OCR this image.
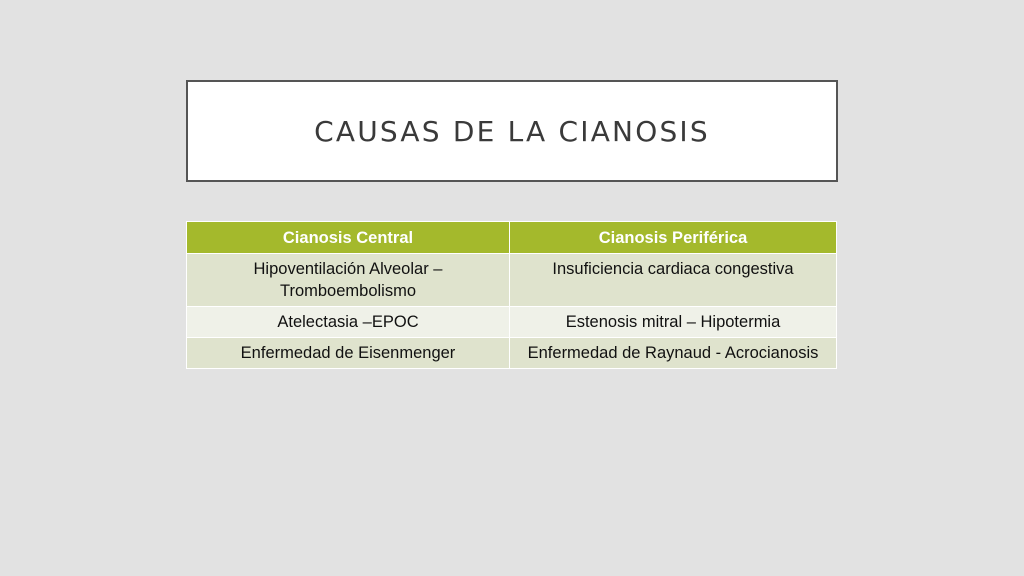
CAUSAS DE LA CIANOSIS
Cianosis Central	Cianosis Periférica
Hipoventilación Alveolar – Tromboembolismo	Insuficiencia cardiaca congestiva
Atelectasia –EPOC	Estenosis mitral – Hipotermia
Enfermedad de Eisenmenger	Enfermedad de Raynaud - Acrocianosis
